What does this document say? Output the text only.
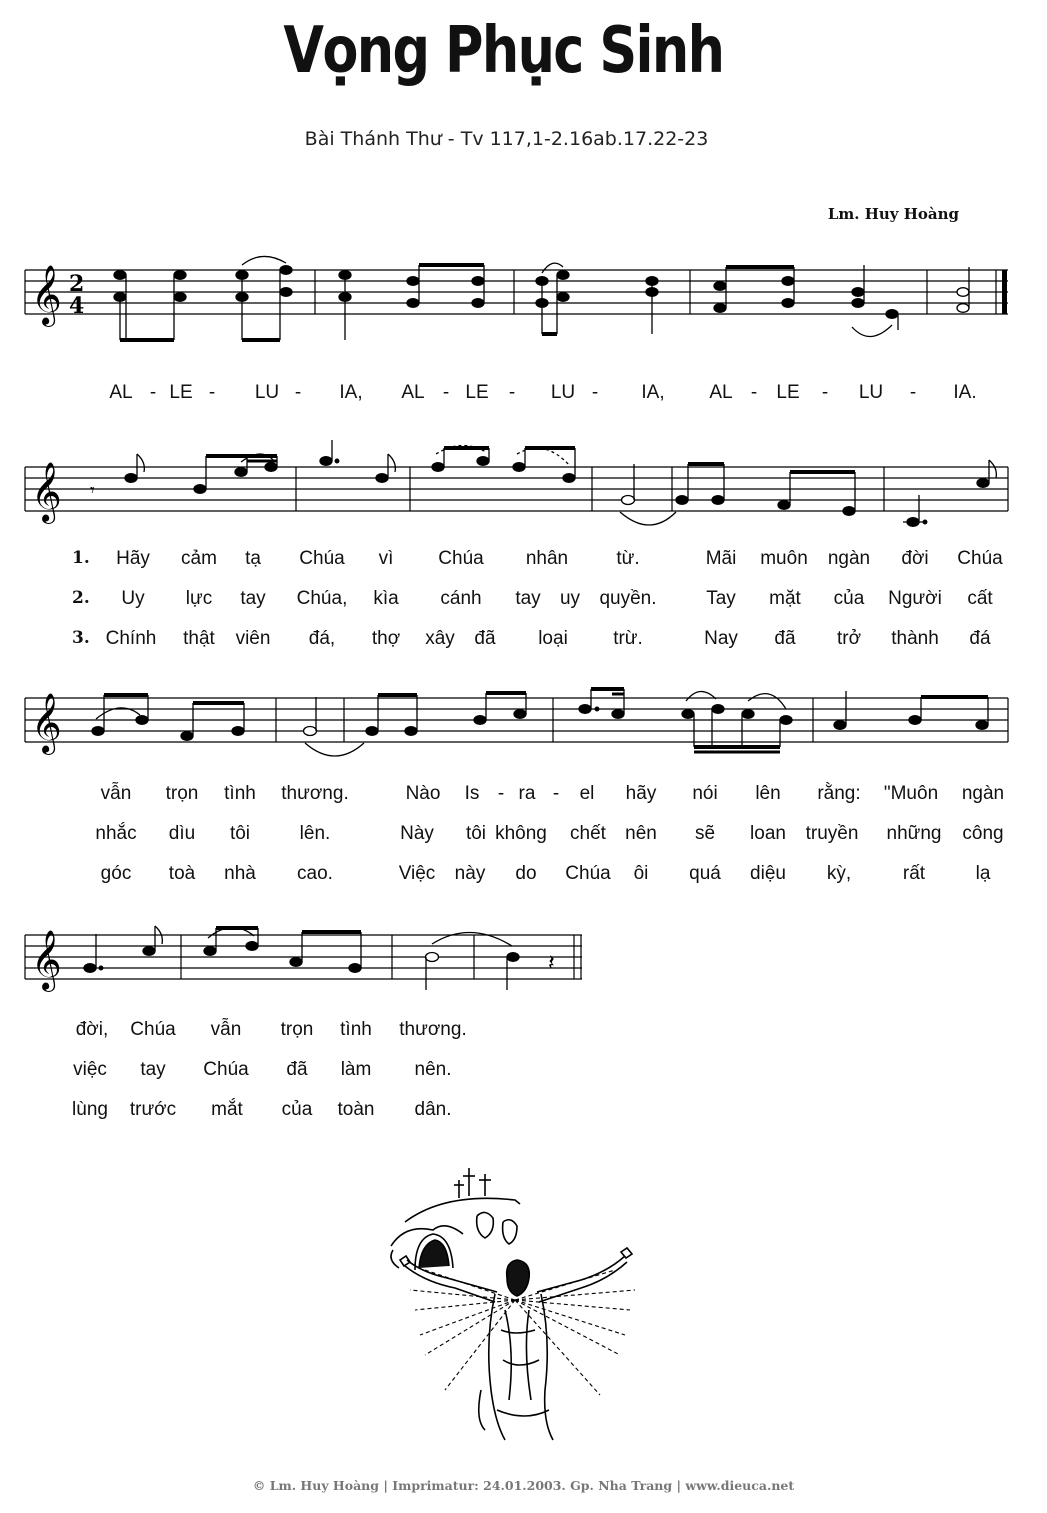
Vọng Phục Sinh
Bài Thánh Thư - Tv 117,1-2.16ab.17.22-23
Lm. Huy Hoàng
𝄞 2
4
AL - LE - LU - IA, AL - LE - LU - IA, AL - LE - LU - IA.
𝄞 𝄾
𝄞
𝄞	𝄽
1.
2.
3.
Hãy cảm tạ Chúa vì Chúa nhân	từ.	Mãi muôn ngàn đời Chúa
Uy lực tay Chúa, kìa cánh tay uy quyền.	Tay mặt của Người cất
Chính thật viên đá, thợ xây đã loại trừ.	Nay đã trở thành đá
vẫn trọn tình thương.	Nào Is - ra - el hãy nói lên rằng: "Muôn ngàn
nhắc dìu tôi	lên.	Này tôi không chết nên sẽ loan truyền những công
góc toà nhà cao.	Việc này do Chúa ôi quá diệu kỳ,	rất	lạ
đời, Chúa vẫn trọn tình thương.
việc tay Chúa đã làm nên.
lùng trước mắt của toàn dân.
© Lm. Huy Hoàng | Imprimatur: 24.01.2003. Gp. Nha Trang | www.dieuca.net
